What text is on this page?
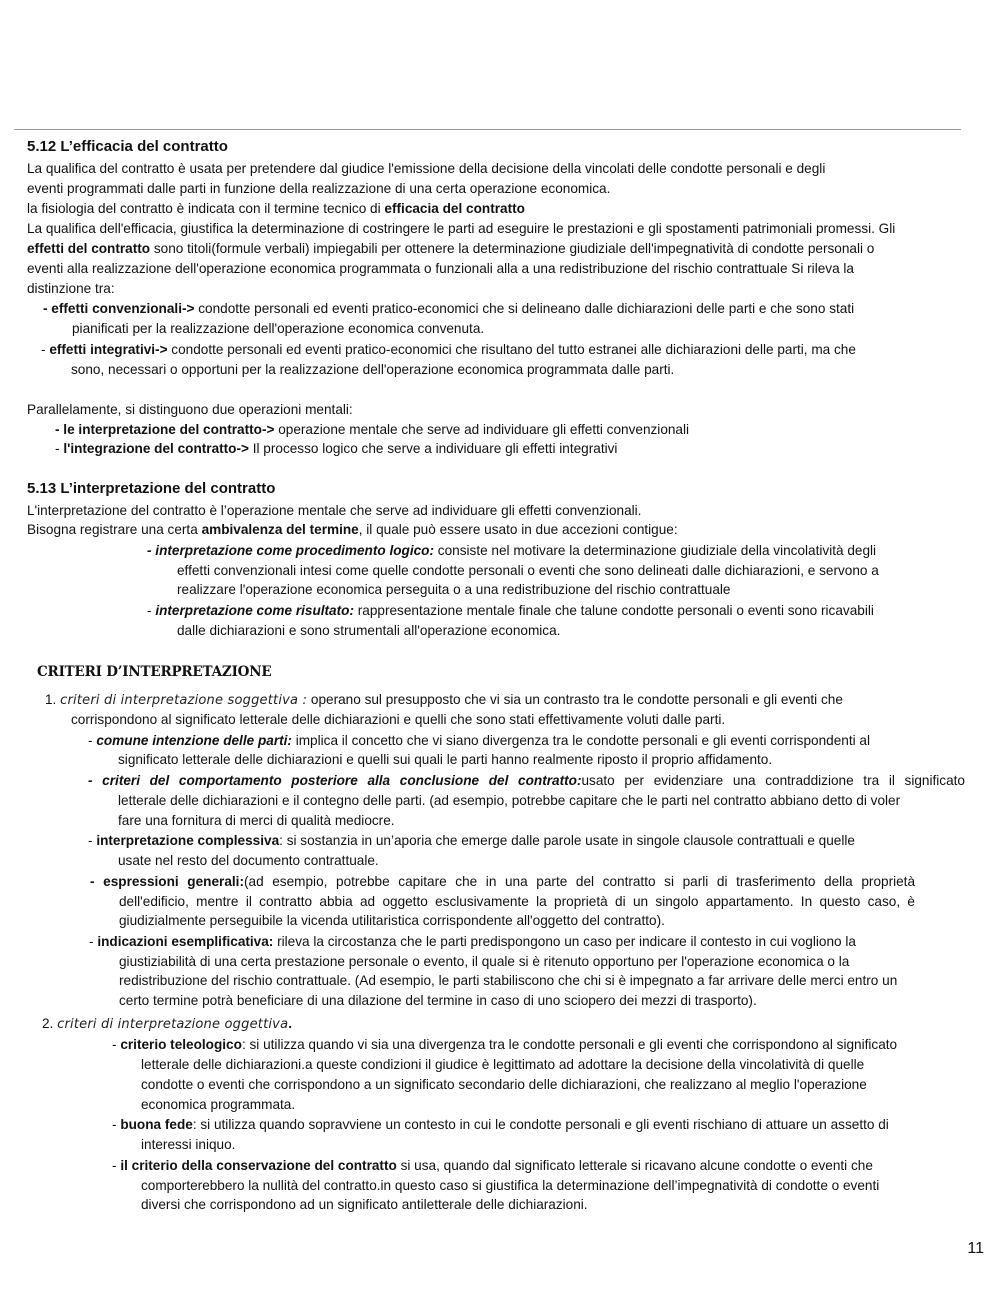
5.12 L’efficacia del contratto
La qualifica del contratto è usata per pretendere dal giudice l'emissione della decisione della vincolati delle condotte personali e degli
eventi programmati dalle parti in funzione della realizzazione di una certa operazione economica.
la fisiologia del contratto è indicata con il termine tecnico di efficacia del contratto
La qualifica dell'efficacia, giustifica la determinazione di costringere le parti ad eseguire le prestazioni e gli spostamenti patrimoniali promessi. Gli
effetti del contratto sono titoli(formule verbali) impiegabili per ottenere la determinazione giudiziale dell'impegnatività di condotte personali o
eventi alla realizzazione dell'operazione economica programmata o funzionali alla a una redistribuzione del rischio contrattuale Si rileva la
distinzione tra:
- effetti convenzionali-> condotte personali ed eventi pratico-economici che si delineano dalle dichiarazioni delle parti e che sono stati
pianificati per la realizzazione dell'operazione economica convenuta.
- effetti integrativi-> condotte personali ed eventi pratico-economici che risultano del tutto estranei alle dichiarazioni delle parti, ma che
sono, necessari o opportuni per la realizzazione dell'operazione economica programmata dalle parti.
Parallelamente, si distinguono due operazioni mentali:
- le interpretazione del contratto-> operazione mentale che serve ad individuare gli effetti convenzionali
- l'integrazione del contratto-> Il processo logico che serve a individuare gli effetti integrativi
5.13 L’interpretazione del contratto
L'interpretazione del contratto è l’operazione mentale che serve ad individuare gli effetti convenzionali.
Bisogna registrare una certa ambivalenza del termine, il quale può essere usato in due accezioni contigue:
- interpretazione come procedimento logico: consiste nel motivare la determinazione giudiziale della vincolatività degli
effetti convenzionali intesi come quelle condotte personali o eventi che sono delineati dalle dichiarazioni, e servono a
realizzare l'operazione economica perseguita o a una redistribuzione del rischio contrattuale
- interpretazione come risultato: rappresentazione mentale finale che talune condotte personali o eventi sono ricavabili
dalle dichiarazioni e sono strumentali all'operazione economica.
CRITERI D’INTERPRETAZIONE
1. criteri di interpretazione soggettiva : operano sul presupposto che vi sia un contrasto tra le condotte personali e gli eventi che
corrispondono al significato letterale delle dichiarazioni e quelli che sono stati effettivamente voluti dalle parti.
- comune intenzione delle parti: implica il concetto che vi siano divergenza tra le condotte personali e gli eventi corrispondenti al
significato letterale delle dichiarazioni e quelli sui quali le parti hanno realmente riposto il proprio affidamento.
- criteri del comportamento posteriore alla conclusione del contratto:usato per evidenziare una contraddizione tra il significato
letterale delle dichiarazioni e il contegno delle parti. (ad esempio, potrebbe capitare che le parti nel contratto abbiano detto di voler
fare una fornitura di merci di qualità mediocre.
- interpretazione complessiva: si sostanzia in un’aporia che emerge dalle parole usate in singole clausole contrattuali e quelle
usate nel resto del documento contrattuale.
- espressioni generali:(ad esempio, potrebbe capitare che in una parte del contratto si parli di trasferimento della proprietà
dell'edificio, mentre il contratto abbia ad oggetto esclusivamente la proprietà di un singolo appartamento. In questo caso, è
giudizialmente perseguibile la vicenda utilitaristica corrispondente all'oggetto del contratto).
- indicazioni esemplificativa: rileva la circostanza che le parti predispongono un caso per indicare il contesto in cui vogliono la
giustiziabilità di una certa prestazione personale o evento, il quale si è ritenuto opportuno per l'operazione economica o la
redistribuzione del rischio contrattuale. (Ad esempio, le parti stabiliscono che chi si è impegnato a far arrivare delle merci entro un
certo termine potrà beneficiare di una dilazione del termine in caso di uno sciopero dei mezzi di trasporto).
2. criteri di interpretazione oggettiva.
- criterio teleologico: si utilizza quando vi sia una divergenza tra le condotte personali e gli eventi che corrispondono al significato
letterale delle dichiarazioni.a queste condizioni il giudice è legittimato ad adottare la decisione della vincolatività di quelle
condotte o eventi che corrispondono a un significato secondario delle dichiarazioni, che realizzano al meglio l'operazione
economica programmata.
- buona fede: si utilizza quando sopravviene un contesto in cui le condotte personali e gli eventi rischiano di attuare un assetto di
interessi iniquo.
- il criterio della conservazione del contratto si usa, quando dal significato letterale si ricavano alcune condotte o eventi che
comporterebbero la nullità del contratto.in questo caso si giustifica la determinazione dell’impegnatività di condotte o eventi
diversi che corrispondono ad un significato antiletterale delle dichiarazioni.
11
